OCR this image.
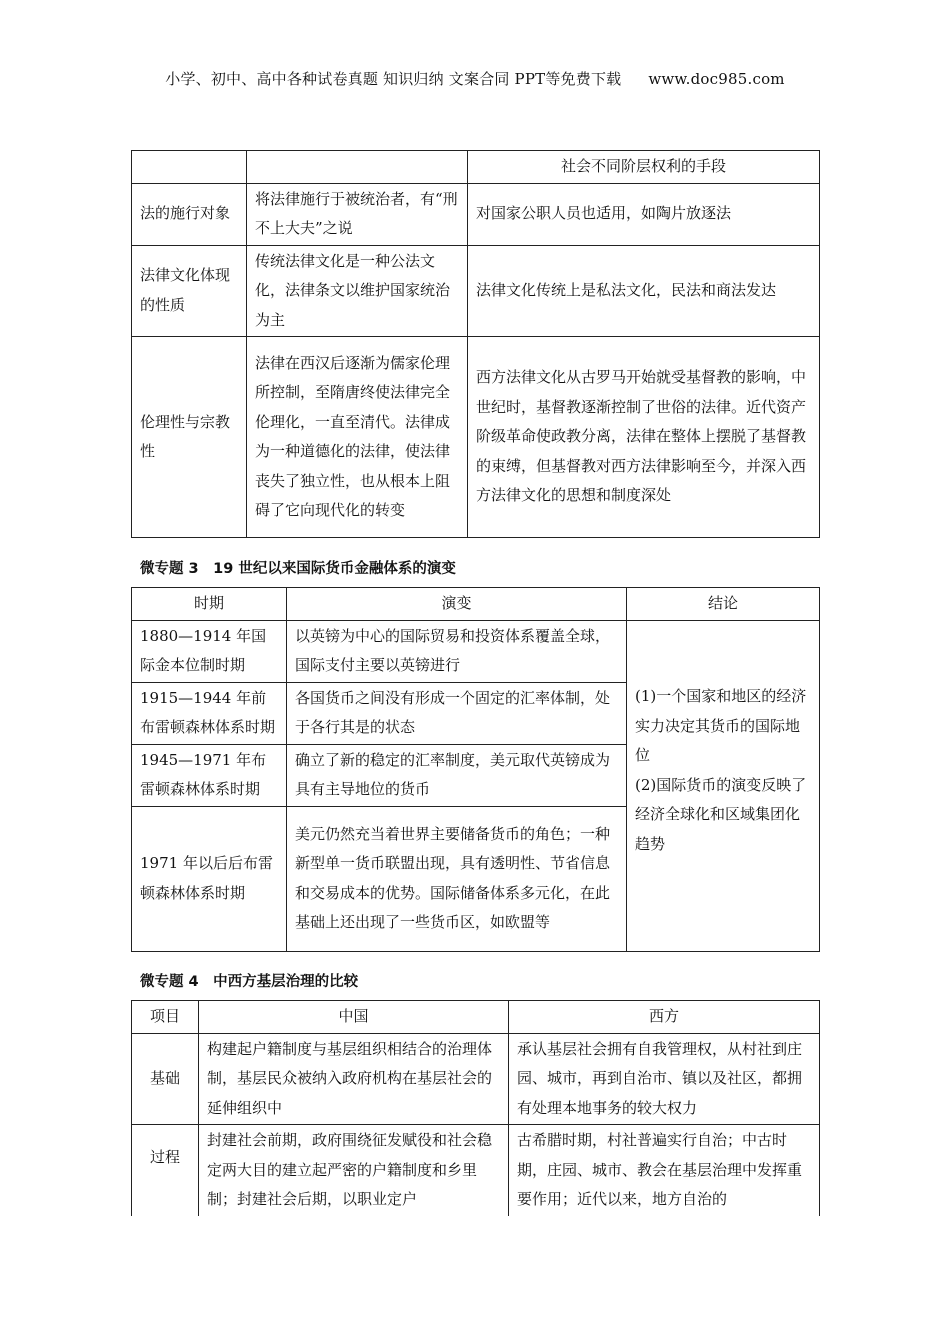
小学、初中、高中各种试卷真题 知识归纳 文案合同 PPT等免费下载 www.doc985.com
		社会不同阶层权利的手段
法的施行对象	将法律施行于被统治者，有“刑不上大夫”之说	对国家公职人员也适用，如陶片放逐法
法律文化体现的性质	传统法律文化是一种公法文化，法律条文以维护国家统治为主	法律文化传统上是私法文化，民法和商法发达
伦理性与宗教性	法律在西汉后逐渐为儒家伦理所控制，至隋唐终使法律完全伦理化，一直至清代。法律成为一种道德化的法律，使法律丧失了独立性，也从根本上阻碍了它向现代化的转变	西方法律文化从古罗马开始就受基督教的影响，中世纪时，基督教逐渐控制了世俗的法律。近代资产阶级革命使政教分离，法律在整体上摆脱了基督教的束缚，但基督教对西方法律影响至今，并深入西方法律文化的思想和制度深处
微专题 3　19 世纪以来国际货币金融体系的演变
时期	演变	结论
1880—1914 年国际金本位制时期	以英镑为中心的国际贸易和投资体系覆盖全球，国际支付主要以英镑进行	(1)一个国家和地区的经济实力决定其货币的国际地位
(2)国际货币的演变反映了经济全球化和区域集团化趋势

1915—1944 年前布雷顿森林体系时期	各国货币之间没有形成一个固定的汇率体制，处于各行其是的状态	
1945—1971 年布雷顿森林体系时期	确立了新的稳定的汇率制度，美元取代英镑成为具有主导地位的货币	
1971 年以后后布雷顿森林体系时期	美元仍然充当着世界主要储备货币的角色；一种新型单一货币联盟出现，具有透明性、节省信息和交易成本的优势。国际储备体系多元化，在此基础上还出现了一些货币区，如欧盟等	
微专题 4　中西方基层治理的比较
项目	中国	西方
基础	构建起户籍制度与基层组织相结合的治理体制，基层民众被纳入政府机构在基层社会的延伸组织中	承认基层社会拥有自我管理权，从村社到庄园、城市，再到自治市、镇以及社区，都拥有处理本地事务的较大权力
过程	封建社会前期，政府围绕征发赋役和社会稳定两大目的建立起严密的户籍制度和乡里制；封建社会后期，以职业定户	古希腊时期，村社普遍实行自治；中古时期，庄园、城市、教会在基层治理中发挥重要作用；近代以来，地方自治的
